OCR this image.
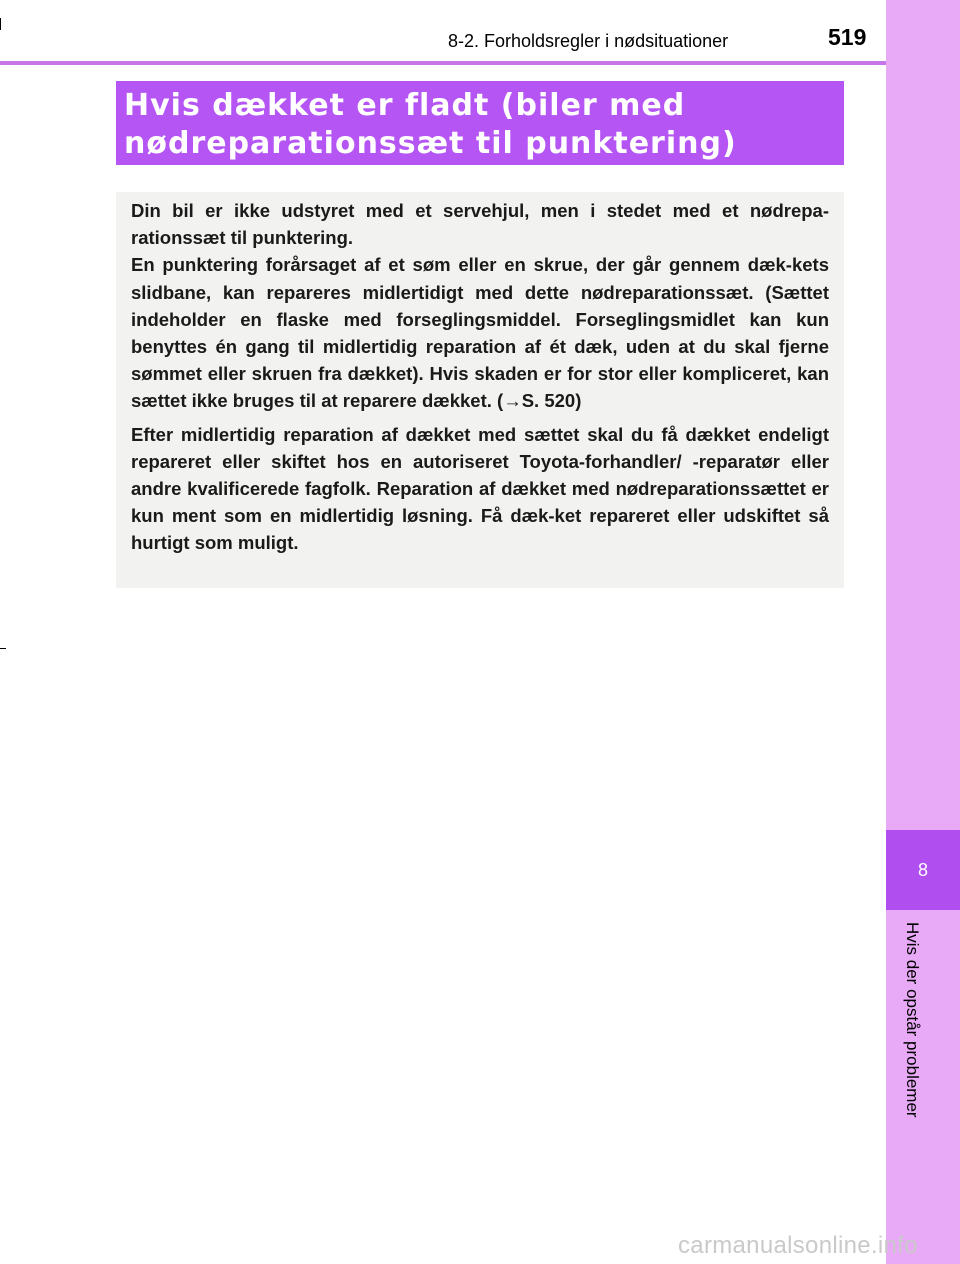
8-2. Forholdsregler i nødsituationer	519
8
Hvis der opstår problemer
Hvis dækket er fladt (biler med
nødreparationssæt til punktering)

Din bil er ikke udstyret med et servehjul, men i stedet med et nødrepa-rationssæt til punktering.

En punktering forårsaget af et søm eller en skrue, der går gennem dæk-kets slidbane, kan repareres midlertidigt med dette nødreparationssæt. (Sættet indeholder en flaske med forseglingsmiddel. Forseglingsmidlet kan kun benyttes én gang til midlertidig reparation af ét dæk, uden at du skal fjerne sømmet eller skruen fra dækket). Hvis skaden er for stor eller kompliceret, kan sættet ikke bruges til at reparere dækket. (→S. 520)

Efter midlertidig reparation af dækket med sættet skal du få dækket endeligt repareret eller skiftet hos en autoriseret Toyota-forhandler/ -reparatør eller andre kvalificerede fagfolk. Reparation af dækket med nødreparationssættet er kun ment som en midlertidig løsning. Få dæk-ket repareret eller udskiftet så hurtigt som muligt.

carmanualsonline.info
